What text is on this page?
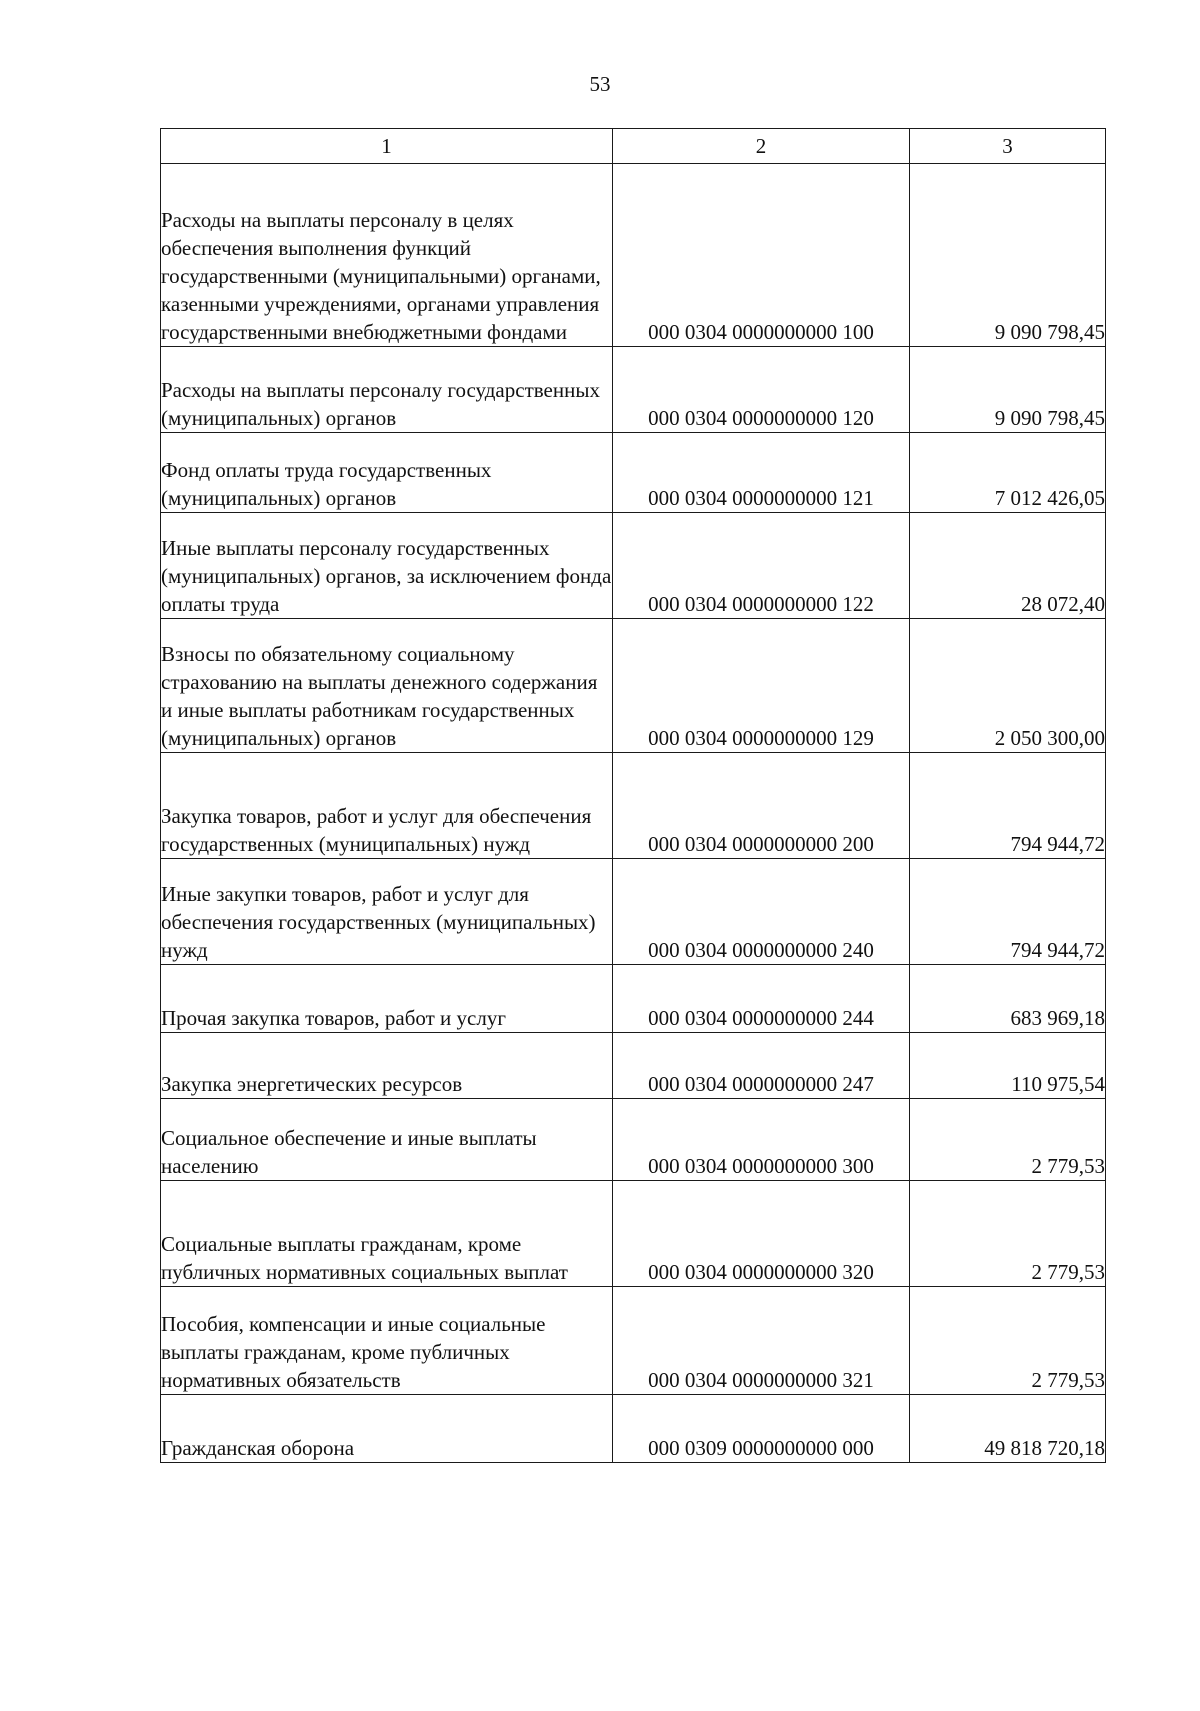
53
1	2	3
Расходы на выплаты персоналу в целях обеспечения выполнения функций государственными (муниципальными) органами, казенными учреждениями, органами управления государственными внебюджетными фондами	000 0304 0000000000 100	9 090 798,45
Расходы на выплаты персоналу государственных (муниципальных) органов	000 0304 0000000000 120	9 090 798,45
Фонд оплаты труда государственных (муниципальных) органов	000 0304 0000000000 121	7 012 426,05
Иные выплаты персоналу государственных (муниципальных) органов, за исключением фонда оплаты труда	000 0304 0000000000 122	28 072,40
Взносы по обязательному социальному страхованию на выплаты денежного содержания и иные выплаты работникам государственных (муниципальных) органов	000 0304 0000000000 129	2 050 300,00
Закупка товаров, работ и услуг для обеспечения государственных (муниципальных) нужд	000 0304 0000000000 200	794 944,72
Иные закупки товаров, работ и услуг для обеспечения государственных (муниципальных) нужд	000 0304 0000000000 240	794 944,72
Прочая закупка товаров, работ и услуг	000 0304 0000000000 244	683 969,18
Закупка энергетических ресурсов	000 0304 0000000000 247	110 975,54
Социальное обеспечение и иные выплаты населению	000 0304 0000000000 300	2 779,53
Социальные выплаты гражданам, кроме публичных нормативных социальных выплат	000 0304 0000000000 320	2 779,53
Пособия, компенсации и иные социальные выплаты гражданам, кроме публичных нормативных обязательств	000 0304 0000000000 321	2 779,53
Гражданская оборона	000 0309 0000000000 000	49 818 720,18
